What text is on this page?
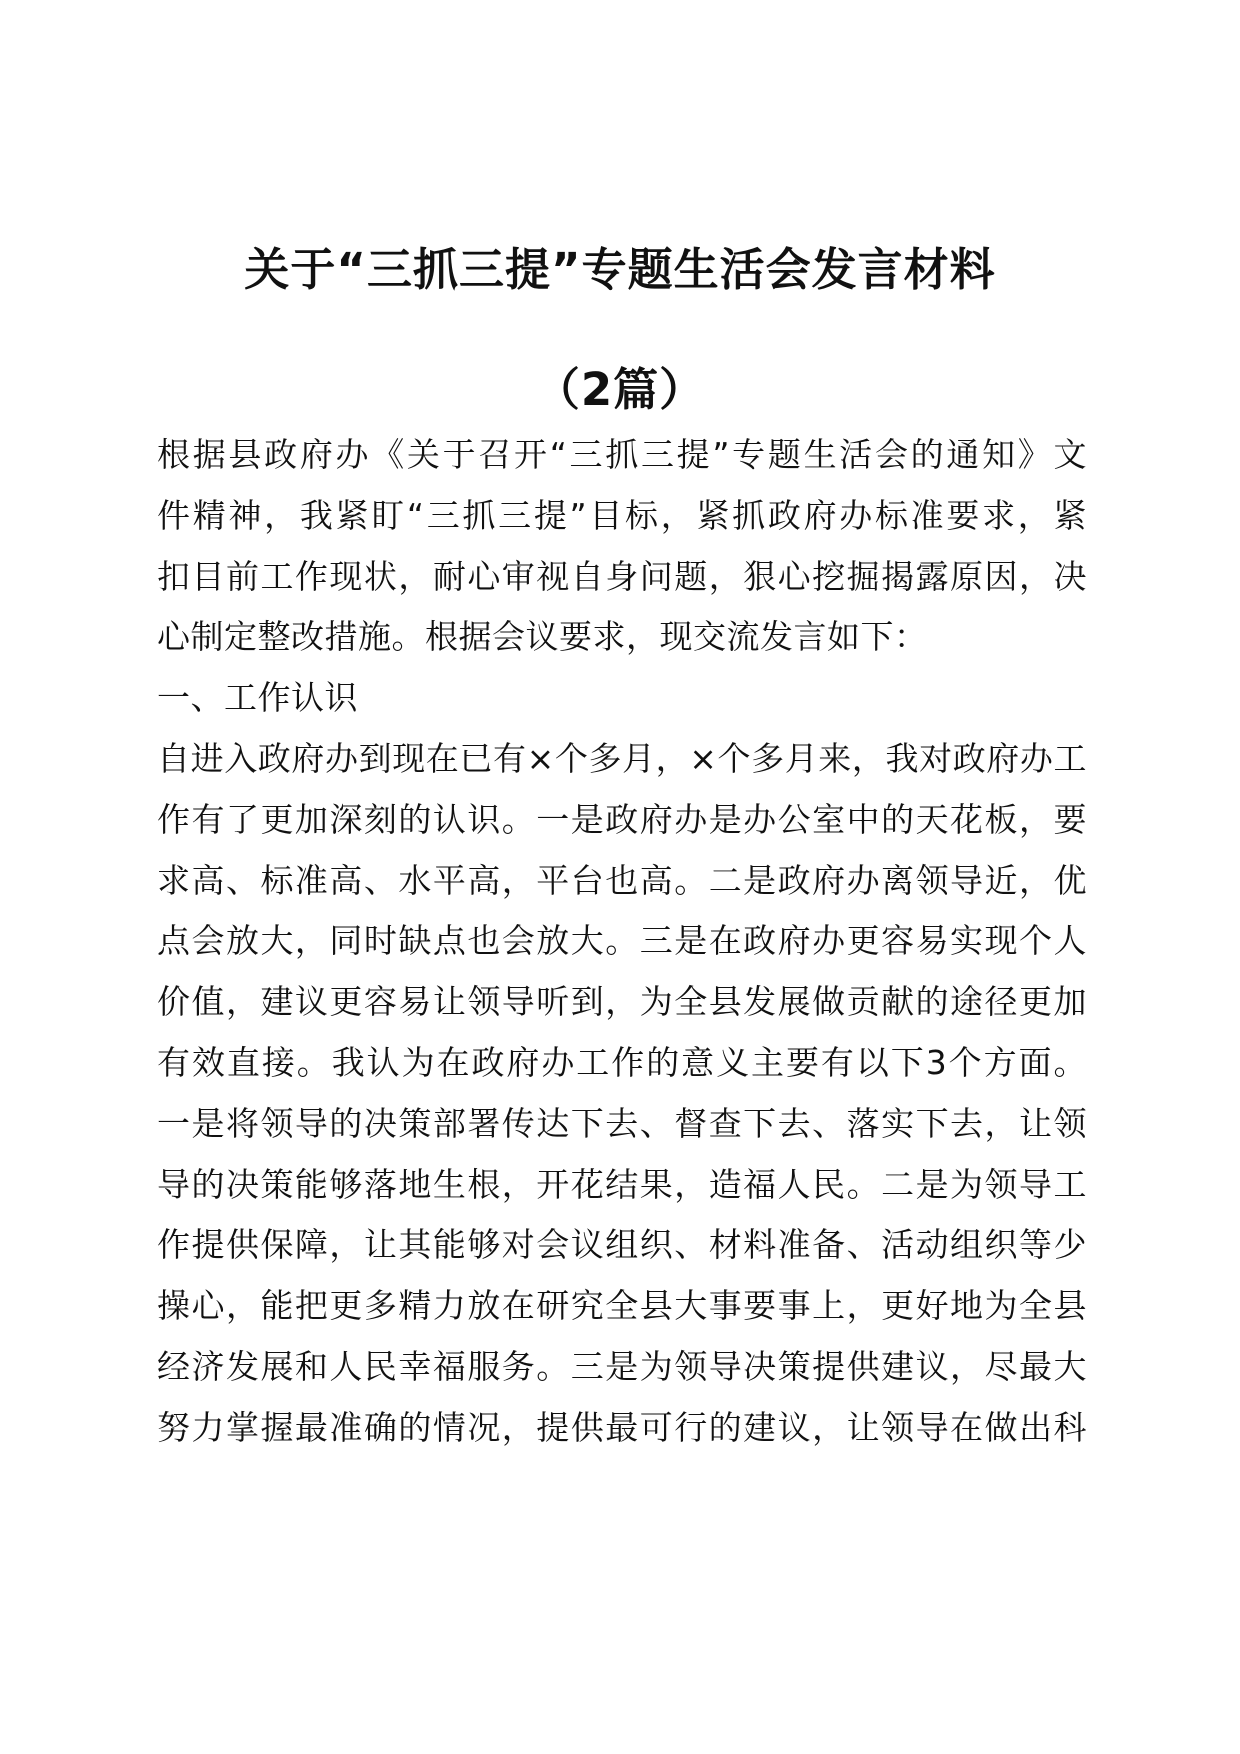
关于“三抓三提”专题生活会发言材料
（2篇）
根据县政府办《关于召开“三抓三提”专题生活会的通知》文
件精神，我紧盯“三抓三提”目标，紧抓政府办标准要求，紧
扣目前工作现状，耐心审视自身问题，狠心挖掘揭露原因，决
心制定整改措施。根据会议要求，现交流发言如下：
一、工作认识
自进入政府办到现在已有×个多月，×个多月来，我对政府办工
作有了更加深刻的认识。一是政府办是办公室中的天花板，要
求高、标准高、水平高，平台也高。二是政府办离领导近，优
点会放大，同时缺点也会放大。三是在政府办更容易实现个人
价值，建议更容易让领导听到，为全县发展做贡献的途径更加
有效直接。我认为在政府办工作的意义主要有以下3个方面。
一是将领导的决策部署传达下去、督查下去、落实下去，让领
导的决策能够落地生根，开花结果，造福人民。二是为领导工
作提供保障，让其能够对会议组织、材料准备、活动组织等少
操心，能把更多精力放在研究全县大事要事上，更好地为全县
经济发展和人民幸福服务。三是为领导决策提供建议，尽最大
努力掌握最准确的情况，提供最可行的建议，让领导在做出科
